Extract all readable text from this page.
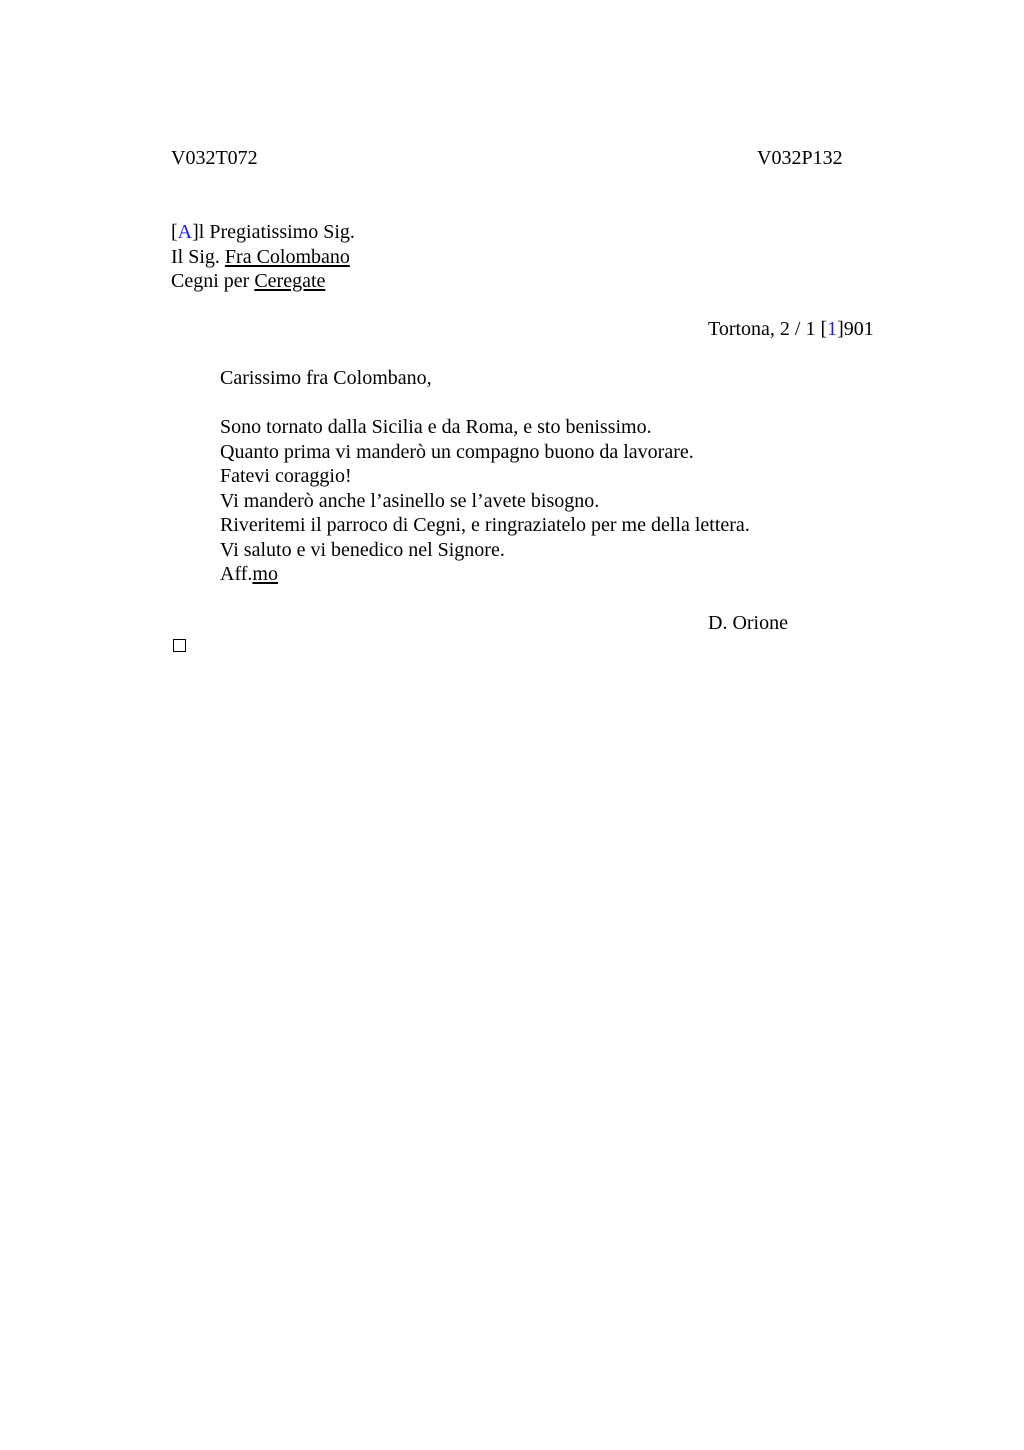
V032T072	V032P132
[A]l Pregiatissimo Sig.
Il Sig. Fra Colombano
Cegni per Ceregate
Tortona, 2 / 1 [1]901
Carissimo fra Colombano,
Sono tornato dalla Sicilia e da Roma, e sto benissimo.
Quanto prima vi manderò un compagno buono da lavorare.
Fatevi coraggio!
Vi manderò anche l’asinello se l’avete bisogno.
Riveritemi il parroco di Cegni, e ringraziatelo per me della lettera.
Vi saluto e vi benedico nel Signore.
Aff.mo
D. Orione
